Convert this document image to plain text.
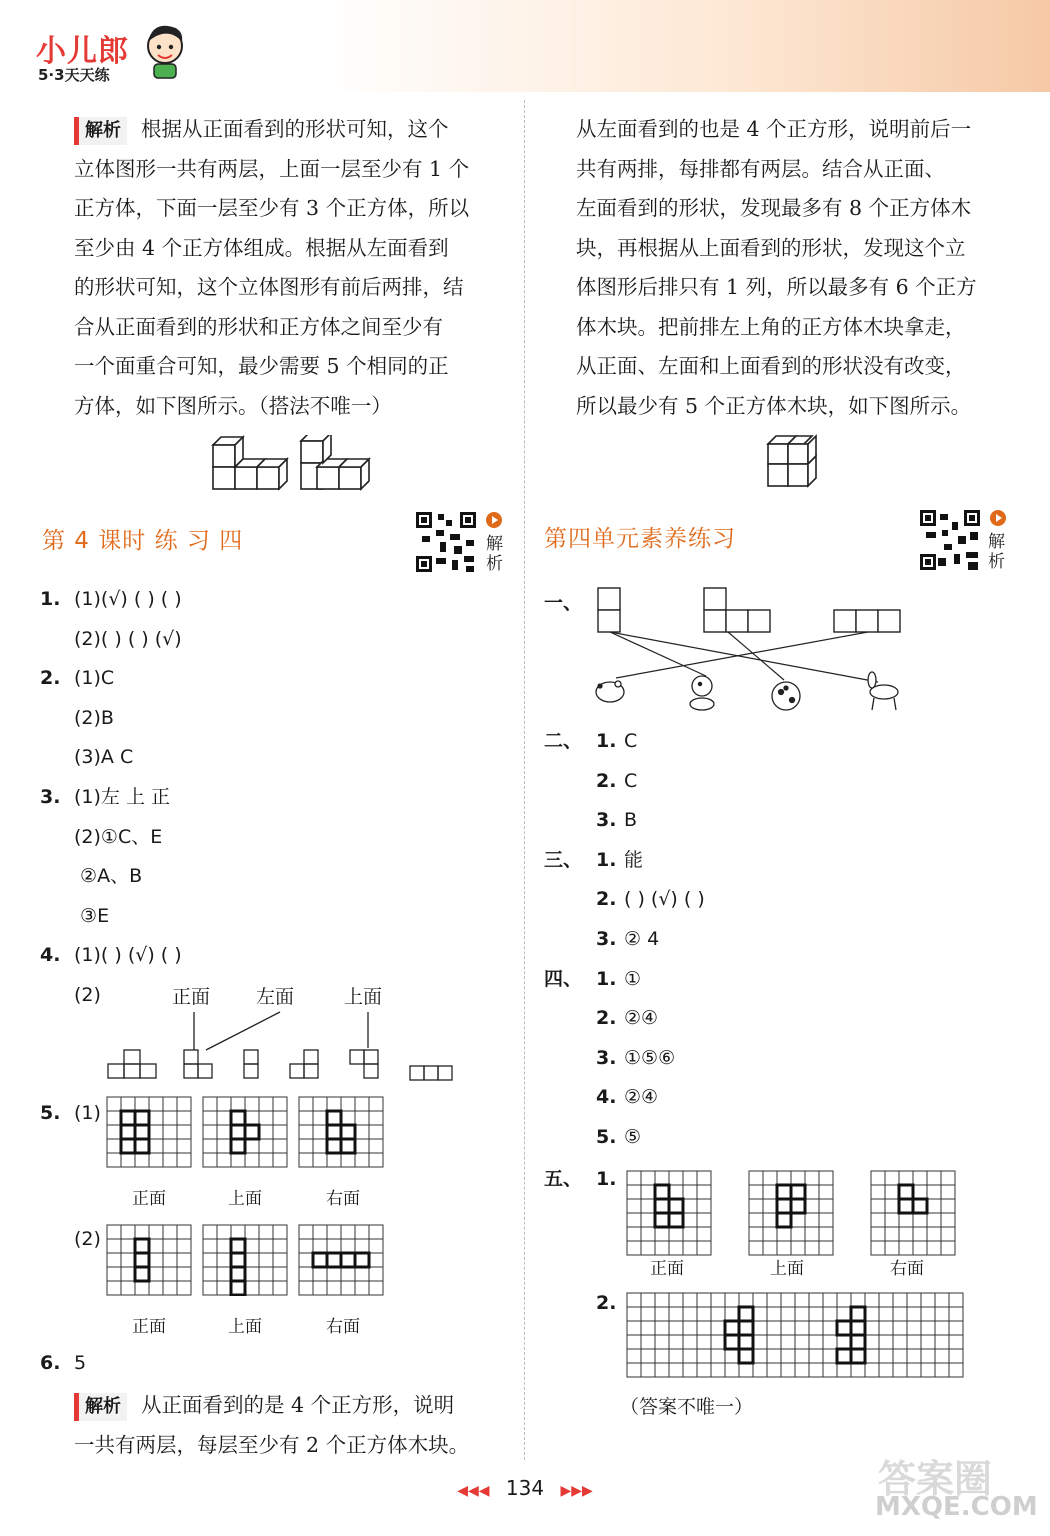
小儿郎
5·3天天练

解析 根据从正面看到的形状可知，这个

立体图形一共有两层，上面一层至少有 1 个

正方体，下面一层至少有 3 个正方体，所以

至少由 4 个正方体组成。根据从左面看到

的形状可知，这个立体图形有前后两排，结

合从正面看到的形状和正方体之间至少有

一个面重合可知，最少需要 5 个相同的正

方体，如下图所示。（搭法不唯一）

第 4 课时 练 习 四	解
析
1. (1)(√) ( ) ( )
(2)( ) ( ) (√)
2. (1)C
(2)B
(3)A C
3. (1)左 上 正
(2)①C、E
②A、B
③E
4. (1)( ) (√) ( )
(2)	正面 左面	上面
5. (1)
(2)
正面	上面	右面
正面	上面	右面
6. 5

解析 从正面看到的是 4 个正方形，说明

一共有两层，每层至少有 2 个正方体木块。

从左面看到的也是 4 个正方形，说明前后一

共有两排，每排都有两层。结合从正面、

左面看到的形状，发现最多有 8 个正方体木

块，再根据从上面看到的形状，发现这个立

体图形后排只有 1 列，所以最多有 6 个正方

体木块。把前排左上角的正方体木块拿走，

从正面、左面和上面看到的形状没有改变，

所以最少有 5 个正方体木块，如下图所示。

第四单元素养练习	解
析
一、
二、 1. C
2. C
3. B
三、 1. 能
2. ( ) (√) ( )
3. ② 4
四、 1. ①
2. ②④
3. ①⑤⑥
4. ②④
5. ⑤
五、 1.
2.
正面	上面	右面
（答案不唯一）
◀◀◀ 134 ▶▶▶	答案圈
MXQE.COM
